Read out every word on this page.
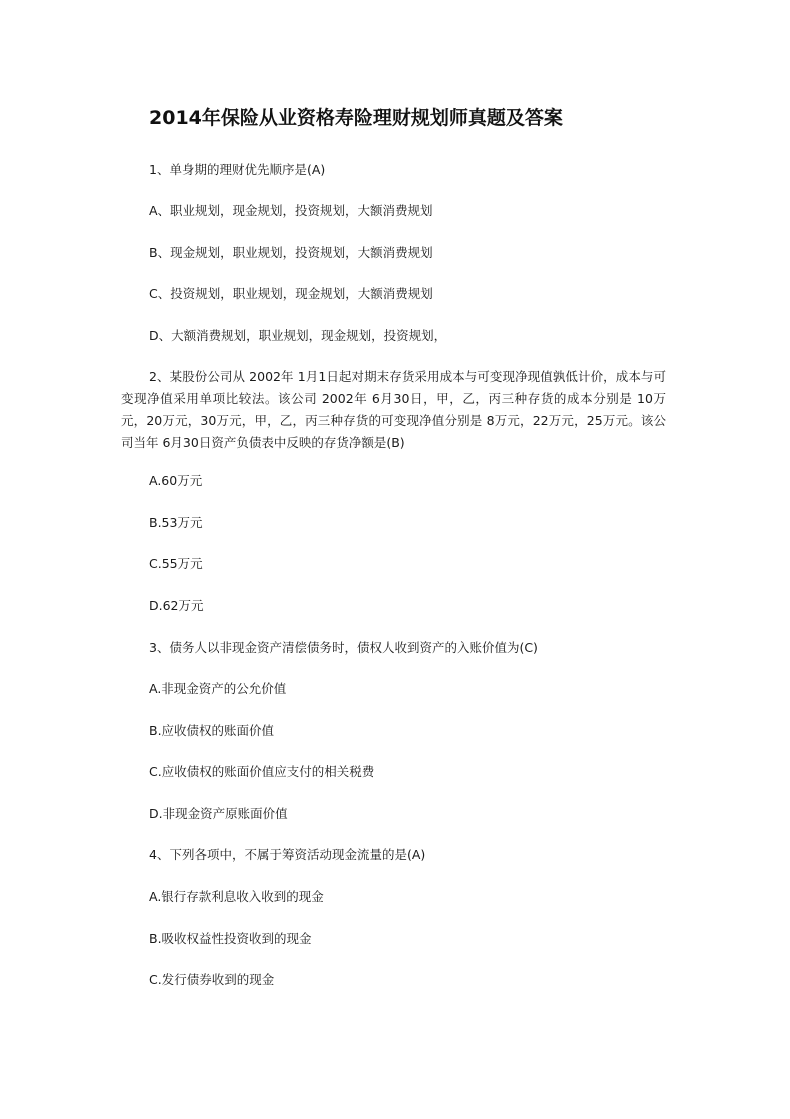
2014年保险从业资格寿险理财规划师真题及答案
1、单身期的理财优先顺序是(A)
A、职业规划，现金规划，投资规划，大额消费规划
B、现金规划，职业规划，投资规划，大额消费规划
C、投资规划，职业规划，现金规划，大额消费规划
D、大额消费规划，职业规划，现金规划，投资规划，
2、某股份公司从 2002年 1月1日起对期末存货采用成本与可变现净现值孰低计价，成本与可变现净值采用单项比较法。该公司 2002年 6月30日，甲，乙，丙三种存货的成本分别是 10万元，20万元，30万元，甲，乙，丙三种存货的可变现净值分别是 8万元，22万元，25万元。该公司当年 6月30日资产负债表中反映的存货净额是(B)
A.60万元
B.53万元
C.55万元
D.62万元
3、债务人以非现金资产清偿债务时，债权人收到资产的入账价值为(C)
A.非现金资产的公允价值
B.应收债权的账面价值
C.应收债权的账面价值应支付的相关税费
D.非现金资产原账面价值
4、下列各项中，不属于筹资活动现金流量的是(A)
A.银行存款利息收入收到的现金
B.吸收权益性投资收到的现金
C.发行债券收到的现金
